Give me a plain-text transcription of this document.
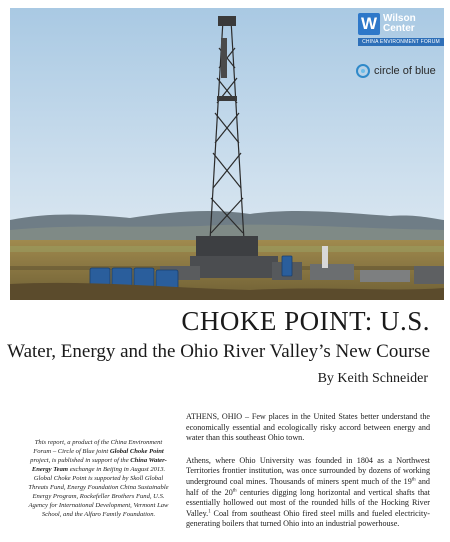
W Wilson
Center
CHINA ENVIRONMENT FORUM
circle of blue
CHOKE POINT: U.S.
Water, Energy and the Ohio River Valley’s New Course
By Keith Schneider
This report, a product of the China Environment Forum – Circle of Blue joint Global Choke Point project, is published in support of the China Water-Energy Team exchange in Beijing in August 2013. Global Choke Point is supported by Skoll Global Threats Fund, Energy Foundation China Sustainable Energy Program, Rockefeller Brothers Fund, U.S. Agency for International Development, Vermont Law School, and the Alfaro Family Foundation.

ATHENS, OHIO – Few places in the United States better understand the economically essential and ecologically risky accord between energy and water than this southeast Ohio town.

Athens, where Ohio University was founded in 1804 as a Northwest Territories frontier institution, was once surrounded by dozens of working underground coal mines. Thousands of miners spent much of the 19th and half of the 20th centuries digging long horizontal and vertical shafts that essentially hollowed out most of the rounded hills of the Hocking River Valley.$^1$ Coal from southeast Ohio fired steel mills and fueled electricity-generating boilers that turned Ohio into an industrial powerhouse.
